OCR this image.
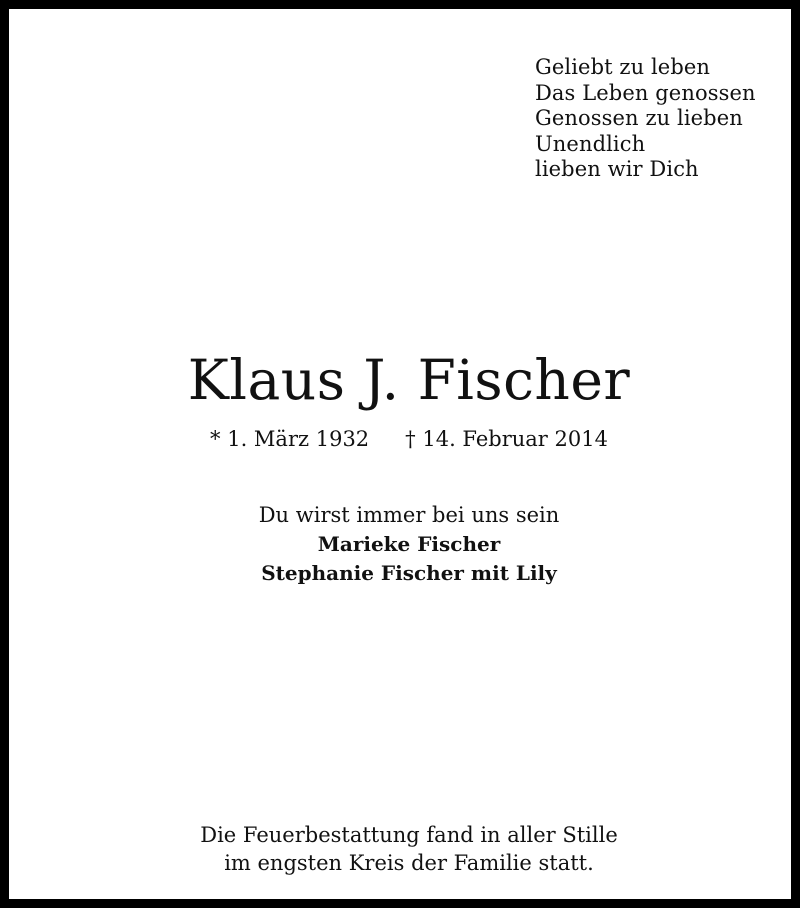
Geliebt zu leben
Das Leben genossen
Genossen zu lieben
Unendlich
lieben wir Dich
Klaus J. Fischer
* 1. März 1932 † 14. Februar 2014
Du wirst immer bei uns sein
Marieke Fischer
Stephanie Fischer mit Lily
Die Feuerbestattung fand in aller Stille
im engsten Kreis der Familie statt.
